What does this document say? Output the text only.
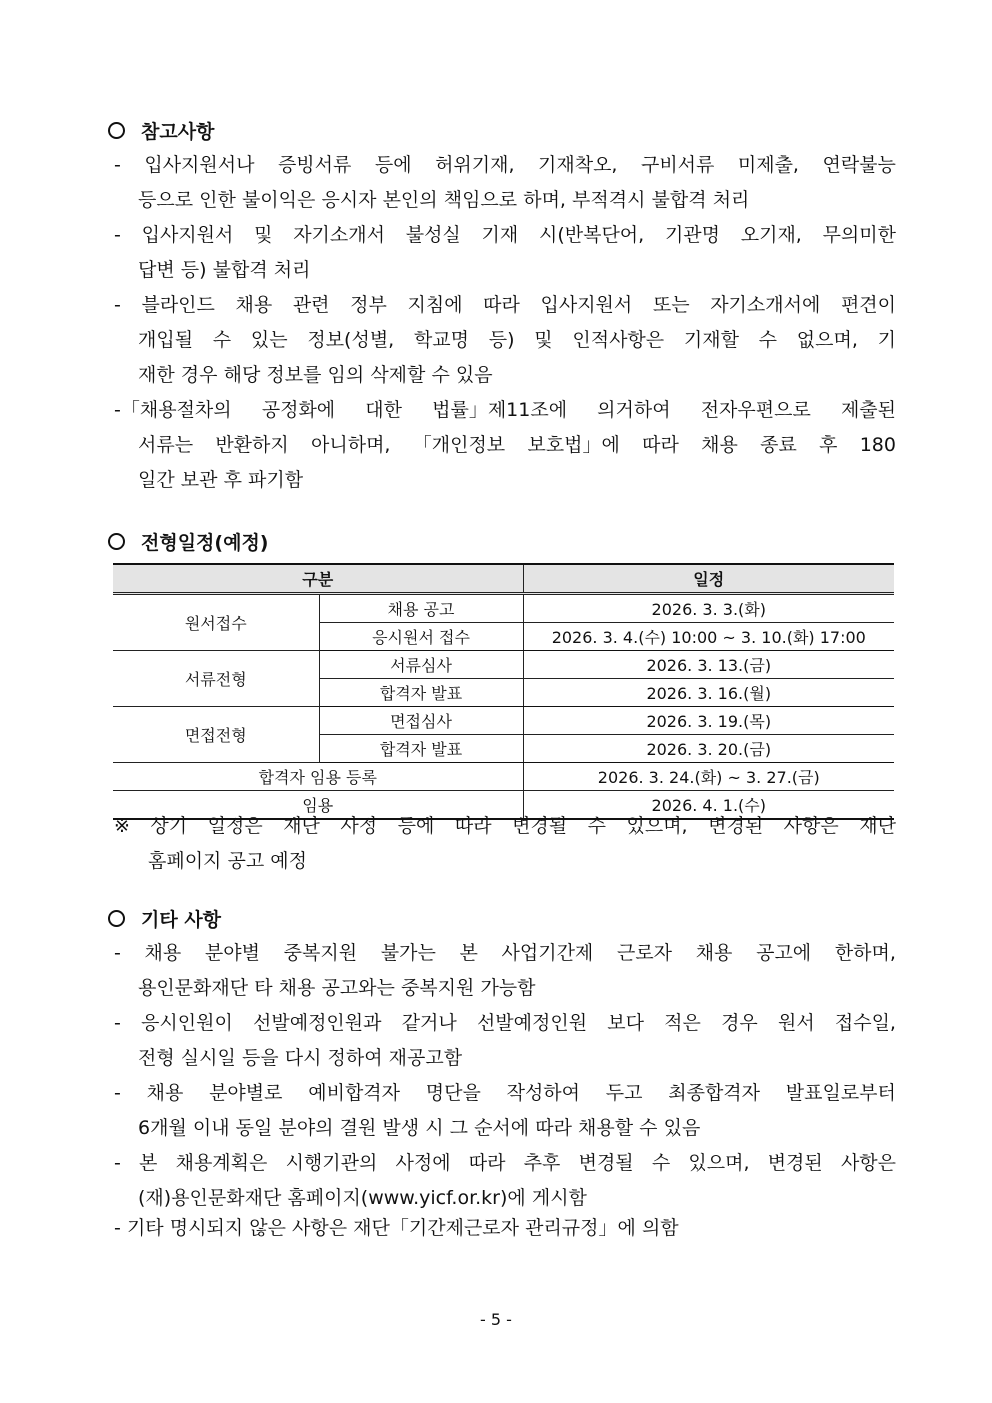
참고사항
- 입사지원서나 증빙서류 등에 허위기재, 기재착오, 구비서류 미제출, 연락불능
등으로 인한 불이익은 응시자 본인의 책임으로 하며, 부적격시 불합격 처리
- 입사지원서 및 자기소개서 불성실 기재 시(반복단어, 기관명 오기재, 무의미한
답변 등) 불합격 처리
- 블라인드 채용 관련 정부 지침에 따라 입사지원서 또는 자기소개서에 편견이
개입될 수 있는 정보(성별, 학교명 등) 및 인적사항은 기재할 수 없으며, 기
재한 경우 해당 정보를 임의 삭제할 수 있음
-「채용절차의 공정화에 대한 법률」제11조에 의거하여 전자우편으로 제출된
서류는 반환하지 아니하며, 「개인정보 보호법」에 따라 채용 종료 후 180
일간 보관 후 파기함
전형일정(예정)
구분		일정
원서접수	채용 공고	2026. 3. 3.(화)
	응시원서 접수	2026. 3. 4.(수) 10:00 ~ 3. 10.(화) 17:00
서류전형	서류심사	2026. 3. 13.(금)
	합격자 발표	2026. 3. 16.(월)
면접전형	면접심사	2026. 3. 19.(목)
	합격자 발표	2026. 3. 20.(금)
합격자 임용 등록		2026. 3. 24.(화) ~ 3. 27.(금)
임용		2026. 4. 1.(수)
※ 상기 일정은 재단 사정 등에 따라 변경될 수 있으며, 변경된 사항은 재단
홈페이지 공고 예정
기타 사항
- 채용 분야별 중복지원 불가는 본 사업기간제 근로자 채용 공고에 한하며,
용인문화재단 타 채용 공고와는 중복지원 가능함
- 응시인원이 선발예정인원과 같거나 선발예정인원 보다 적은 경우 원서 접수일,
전형 실시일 등을 다시 정하여 재공고함
- 채용 분야별로 예비합격자 명단을 작성하여 두고 최종합격자 발표일로부터
6개월 이내 동일 분야의 결원 발생 시 그 순서에 따라 채용할 수 있음
- 본 채용계획은 시행기관의 사정에 따라 추후 변경될 수 있으며, 변경된 사항은
(재)용인문화재단 홈페이지(www.yicf.or.kr)에 게시함
- 기타 명시되지 않은 사항은 재단「기간제근로자 관리규정」에 의함
- 5 -
